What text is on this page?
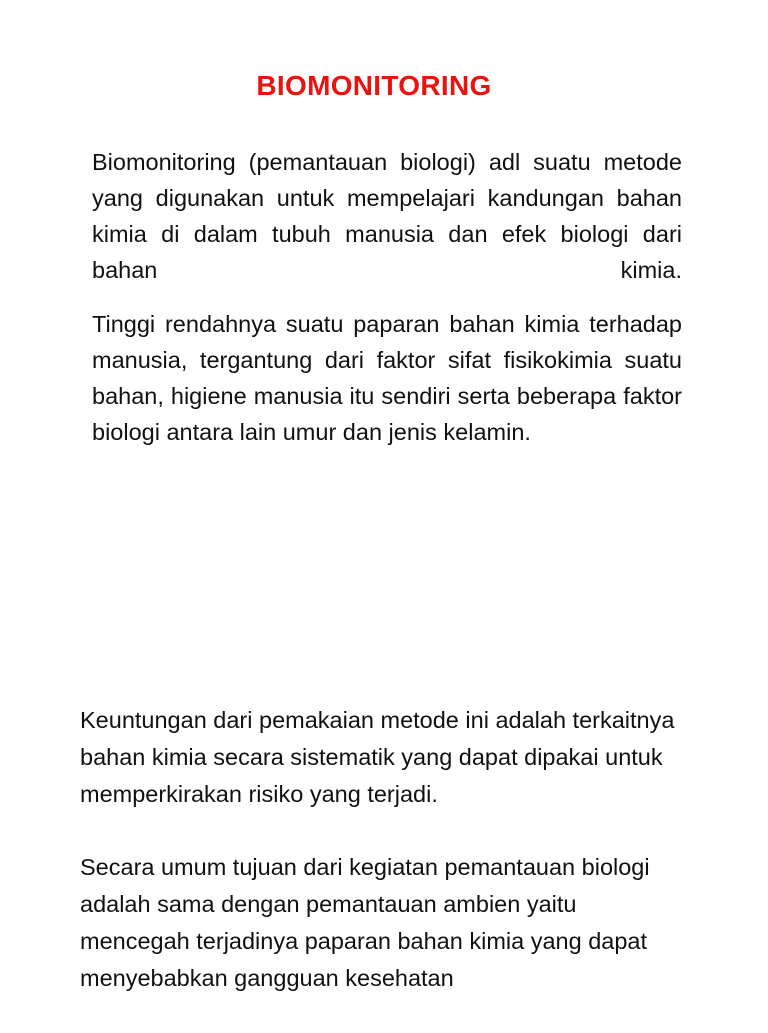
BIOMONITORING

Biomonitoring (pemantauan biologi) adl suatu metode yang digunakan untuk mempelajari kandungan bahan kimia di dalam tubuh manusia dan efek biologi dari bahan kimia.

Tinggi rendahnya suatu paparan bahan kimia terhadap manusia, tergantung dari faktor sifat fisikokimia suatu bahan, higiene manusia itu sendiri serta beberapa faktor biologi antara lain umur dan jenis kelamin.

Keuntungan dari pemakaian metode ini adalah terkaitnya bahan kimia secara sistematik yang dapat dipakai untuk memperkirakan risiko yang terjadi.

Secara umum tujuan dari kegiatan pemantauan biologi adalah sama dengan pemantauan ambien yaitu mencegah terjadinya paparan bahan kimia yang dapat menyebabkan gangguan kesehatan
